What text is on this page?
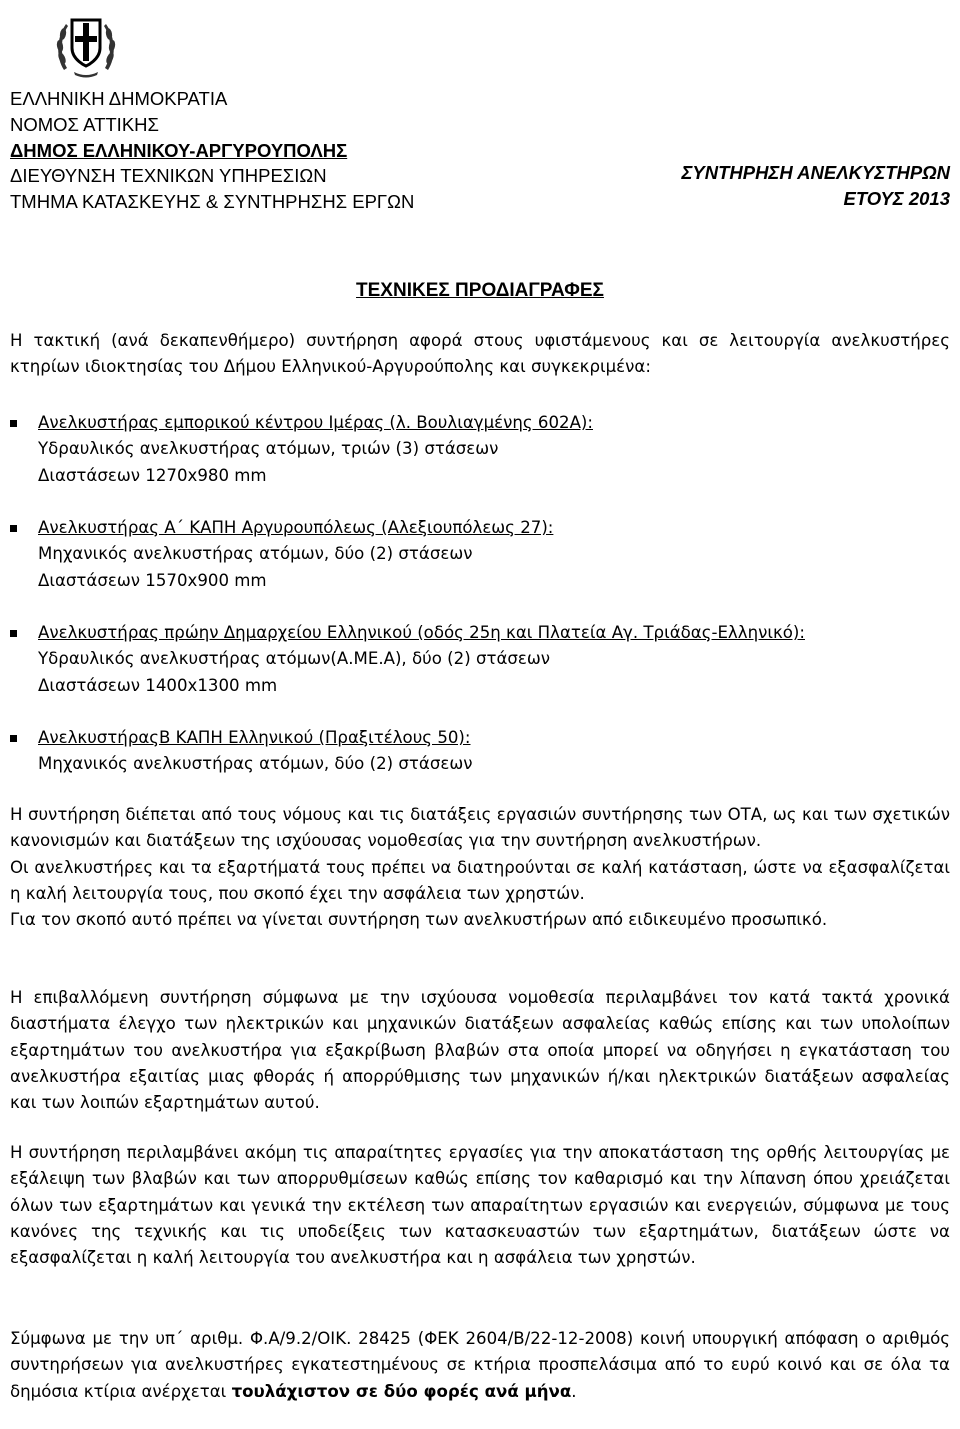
ΕΛΛΗΝΙΚΗ ΔΗΜΟΚΡΑΤΙΑ
ΝΟΜΟΣ ΑΤΤΙΚΗΣ
ΔΗΜΟΣ ΕΛΛΗΝΙΚΟΥ-ΑΡΓΥΡΟΥΠΟΛΗΣ
ΔΙΕΥΘΥΝΣΗ ΤΕΧΝΙΚΩΝ ΥΠΗΡΕΣΙΩΝ
ΤΜΗΜΑ ΚΑΤΑΣΚΕΥΗΣ & ΣΥΝΤΗΡΗΣΗΣ ΕΡΓΩΝ
ΣΥΝΤΗΡΗΣΗ ΑΝΕΛΚΥΣΤΗΡΩΝ
ΕΤΟΥΣ 2013
ΤΕΧΝΙΚΕΣ ΠΡΟΔΙΑΓΡΑΦΕΣ
Η τακτική (ανά δεκαπενθήμερο) συντήρηση αφορά στους υφιστάμενους και σε λειτουργία ανελκυστήρες κτηρίων ιδιοκτησίας του Δήμου Ελληνικού-Αργυρούπολης και συγκεκριμένα:
Ανελκυστήρας εμπορικού κέντρου Ιμέρας (λ. Βουλιαγμένης 602Α):
Υδραυλικός ανελκυστήρας ατόμων, τριών (3) στάσεων
Διαστάσεων 1270x980 mm
Ανελκυστήρας Α΄ ΚΑΠΗ Αργυρουπόλεως (Αλεξιουπόλεως 27):
Μηχανικός ανελκυστήρας ατόμων, δύο (2) στάσεων
Διαστάσεων 1570x900 mm
Ανελκυστήρας πρώην Δημαρχείου Ελληνικού (οδός 25η και Πλατεία Αγ. Τριάδας-Ελληνικό):
Υδραυλικός ανελκυστήρας ατόμων(Α.ΜΕ.Α), δύο (2) στάσεων
Διαστάσεων 1400x1300 mm
ΑνελκυστήραςΒ ΚΑΠΗ Ελληνικού (Πραξιτέλους 50):
Μηχανικός ανελκυστήρας ατόμων, δύο (2) στάσεων

Η συντήρηση διέπεται από τους νόμους και τις διατάξεις εργασιών συντήρησης των ΟΤΑ, ως και των σχετικών κανονισμών και διατάξεων της ισχύουσας νομοθεσίας για την συντήρηση ανελκυστήρων.

Οι ανελκυστήρες και τα εξαρτήματά τους πρέπει να διατηρούνται σε καλή κατάσταση, ώστε να εξασφαλίζεται η καλή λειτουργία τους, που σκοπό έχει την ασφάλεια των χρηστών.

Για τον σκοπό αυτό πρέπει να γίνεται συντήρηση των ανελκυστήρων από ειδικευμένο προσωπικό.

Η επιβαλλόμενη συντήρηση σύμφωνα με την ισχύουσα νομοθεσία περιλαμβάνει τον κατά τακτά χρονικά διαστήματα έλεγχο των ηλεκτρικών και μηχανικών διατάξεων ασφαλείας καθώς επίσης και των υπολοίπων εξαρτημάτων του ανελκυστήρα για εξακρίβωση βλαβών στα οποία μπορεί να οδηγήσει η εγκατάσταση του ανελκυστήρα εξαιτίας μιας φθοράς ή απορρύθμισης των μηχανικών ή/και ηλεκτρικών διατάξεων ασφαλείας και των λοιπών εξαρτημάτων αυτού.
Η συντήρηση περιλαμβάνει ακόμη τις απαραίτητες εργασίες για την αποκατάσταση της ορθής λειτουργίας με εξάλειψη των βλαβών και των απορρυθμίσεων καθώς επίσης τον καθαρισμό και την λίπανση όπου χρειάζεται όλων των εξαρτημάτων και γενικά την εκτέλεση των απαραίτητων εργασιών και ενεργειών, σύμφωνα με τους κανόνες της τεχνικής και τις υποδείξεις των κατασκευαστών των εξαρτημάτων, διατάξεων ώστε να εξασφαλίζεται η καλή λειτουργία του ανελκυστήρα και η ασφάλεια των χρηστών.
Σύμφωνα με την υπ΄ αριθμ. Φ.Α/9.2/ΟΙΚ. 28425 (ΦΕΚ 2604/Β/22-12-2008) κοινή υπουργική απόφαση ο αριθμός συντηρήσεων για ανελκυστήρες εγκατεστημένους σε κτήρια προσπελάσιμα από το ευρύ κοινό και σε όλα τα δημόσια κτίρια ανέρχεται τουλάχιστον σε δύο φορές ανά μήνα.
